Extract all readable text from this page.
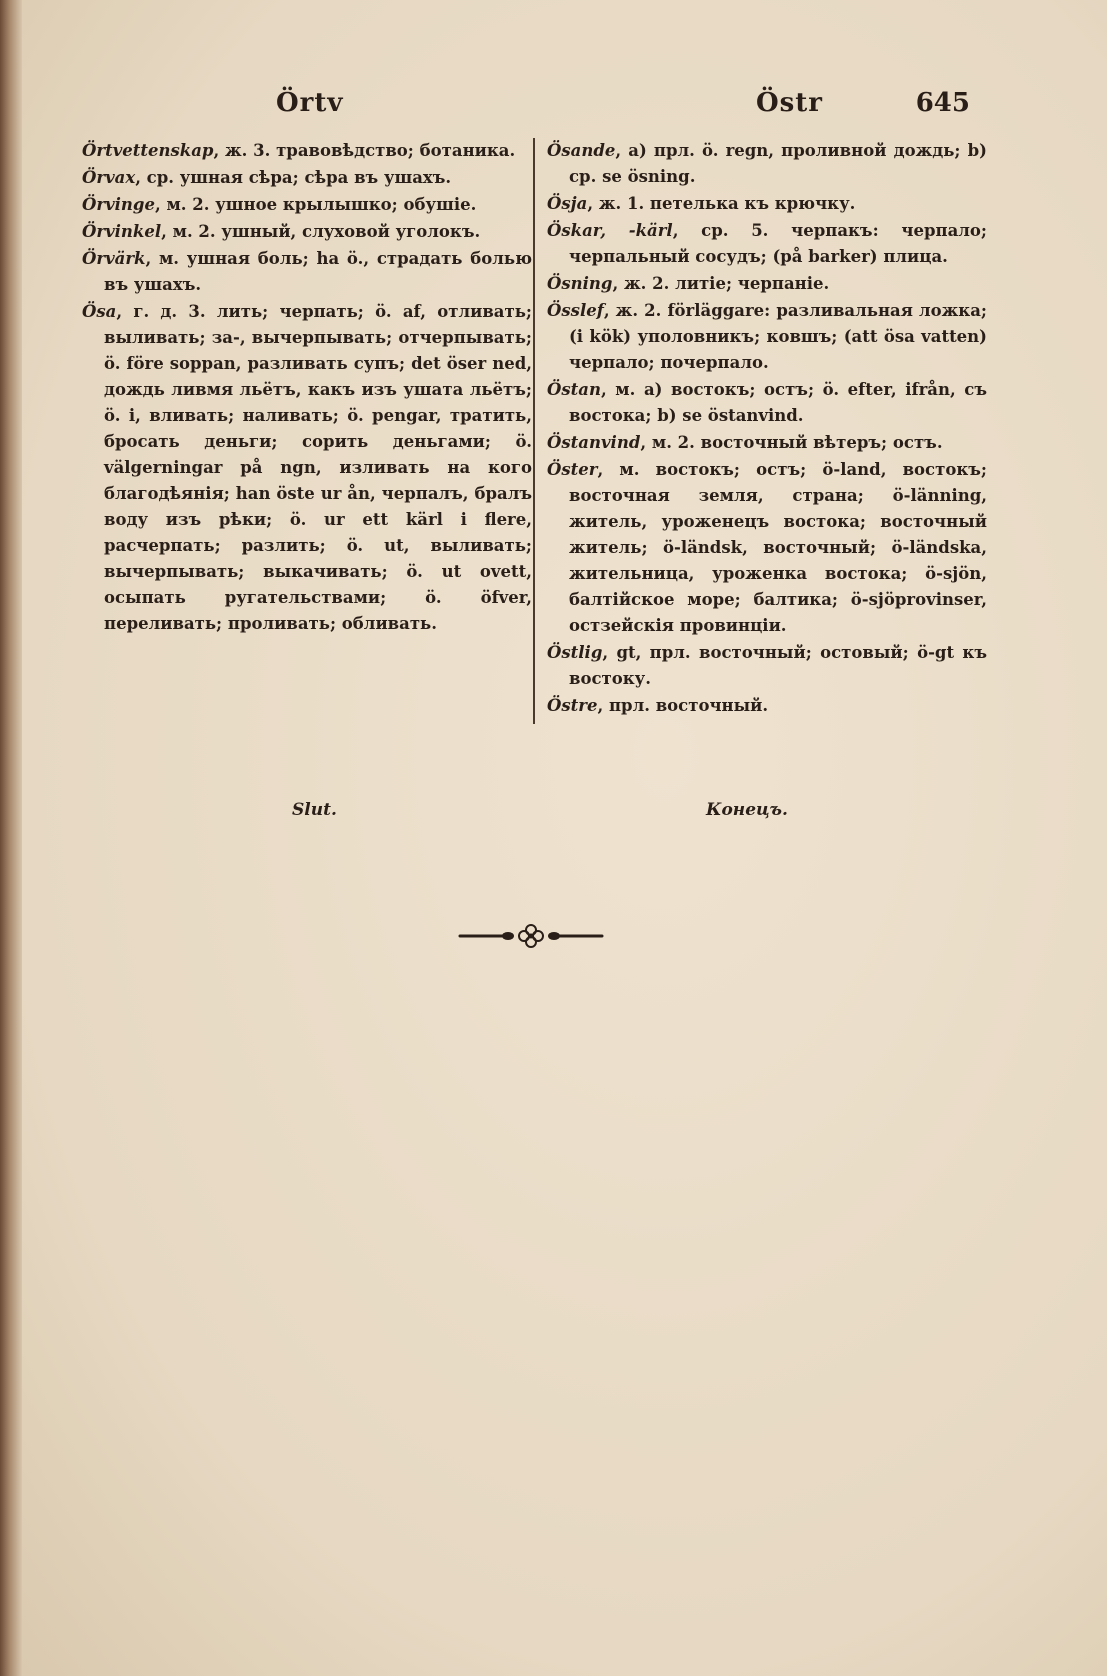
Örtv	Östr	645

Örtvettenskap, ж. 3. травовѣдство; ботаника.

Örvax, ср. ушная сѣра; сѣра въ ушахъ.

Örvinge, м. 2. ушное крылышко; обушіе.

Örvinkel, м. 2. ушный, слуховой уголокъ.

Örvärk, м. ушная боль; ha ö., страдать болью въ ушахъ.

Ösa, г. д. 3. лить; черпать; ö. af, отливать; выливать; за-, вычерпывать; отчерпывать; ö. före soppan, разливать супъ; det öser ned, дождь ливмя льётъ, какъ изъ ушата льётъ; ö. i, вливать; наливать; ö. pengar, тратить, бросать деньги; сорить деньгами; ö. välgerningar på ngn, изливать на кого благодѣянія; han öste ur ån, черпалъ, бралъ воду изъ рѣки; ö. ur ett kärl i flere, расчерпать; разлить; ö. ut, выливать; вычерпывать; выкачивать; ö. ut ovett, осыпать ругательствами; ö. öfver, переливать; проливать; обливать.

Ösande, a) прл. ö. regn, проливной дождь; b) ср. se ösning.

Ösja, ж. 1. петелька къ крючку.

Öskar, -kärl, ср. 5. черпакъ: черпало; черпальный сосудъ; (på barker) плица.

Ösning, ж. 2. литіе; черпаніе.

Össlef, ж. 2. förläggare: разливальная ложка; (i kök) уполовникъ; ковшъ; (att ösa vatten) черпало; почерпало.

Östan, м. a) востокъ; остъ; ö. efter, ifrån, съ востока; b) se östanvind.

Östanvind, м. 2. восточный вѣтеръ; остъ.

Öster, м. востокъ; остъ; ö-land, востокъ; восточная земля, страна; ö-länning, житель, уроженецъ востока; восточный житель; ö-ländsk, восточный; ö-ländska, жительница, уроженка востока; ö-sjön, балтійское море; балтика; ö-sjöprovinser, остзейскія провинціи.

Östlig, gt, прл. восточный; остовый; ö-gt къ востоку.

Östre, прл. восточный.

Slut.	Конецъ.
